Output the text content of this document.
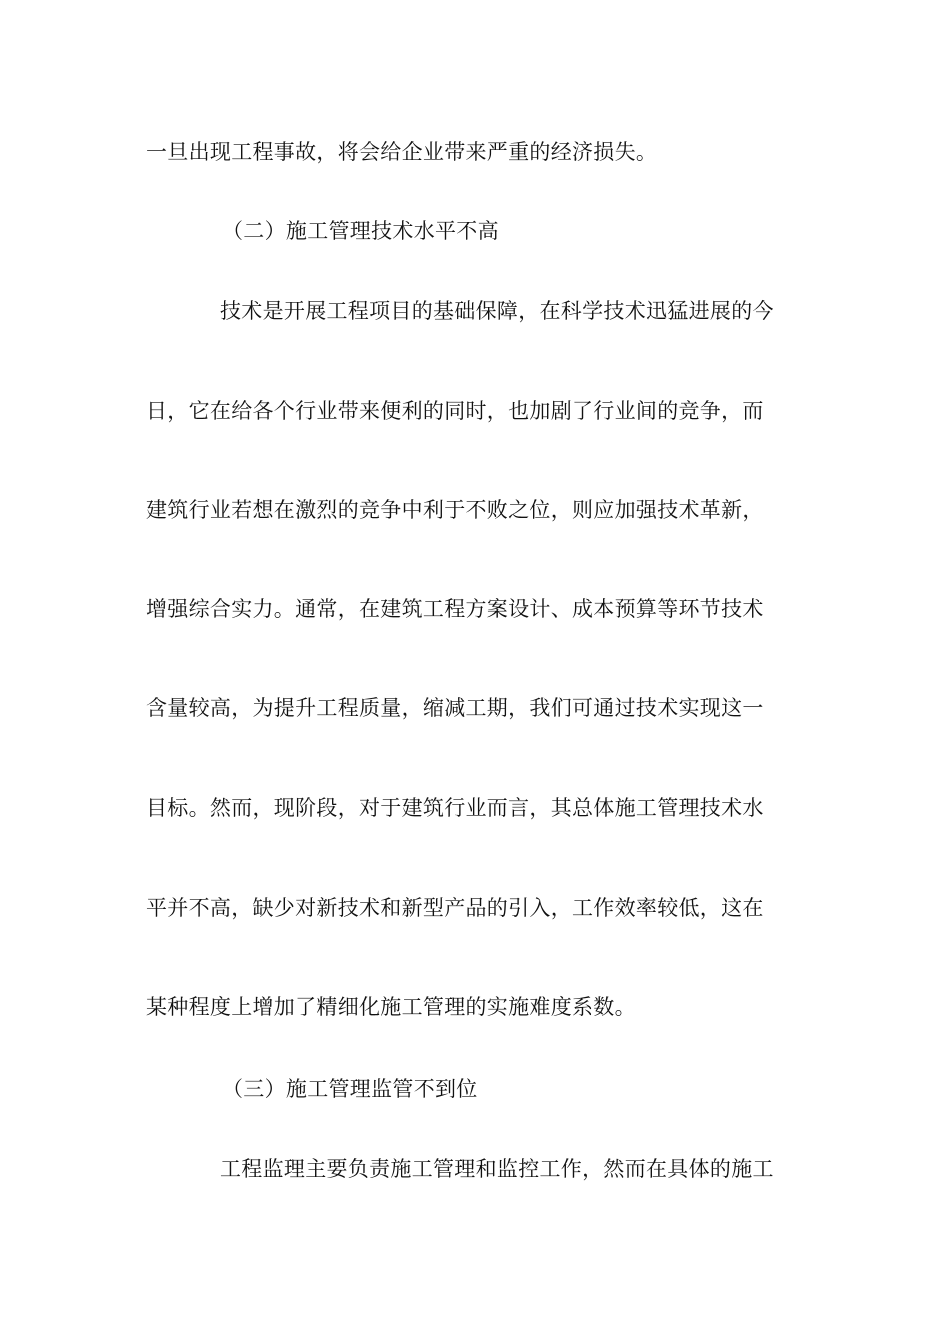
一旦出现工程事故，将会给企业带来严重的经济损失。
（二）施工管理技术水平不高
技术是开展工程项目的基础保障，在科学技术迅猛进展的今
日，它在给各个行业带来便利的同时，也加剧了行业间的竞争，而
建筑行业若想在激烈的竞争中利于不败之位，则应加强技术革新，
增强综合实力。通常，在建筑工程方案设计、成本预算等环节技术
含量较高，为提升工程质量，缩减工期，我们可通过技术实现这一
目标。然而，现阶段，对于建筑行业而言，其总体施工管理技术水
平并不高，缺少对新技术和新型产品的引入，工作效率较低，这在
某种程度上增加了精细化施工管理的实施难度系数。
（三）施工管理监管不到位
工程监理主要负责施工管理和监控工作，然而在具体的施工
